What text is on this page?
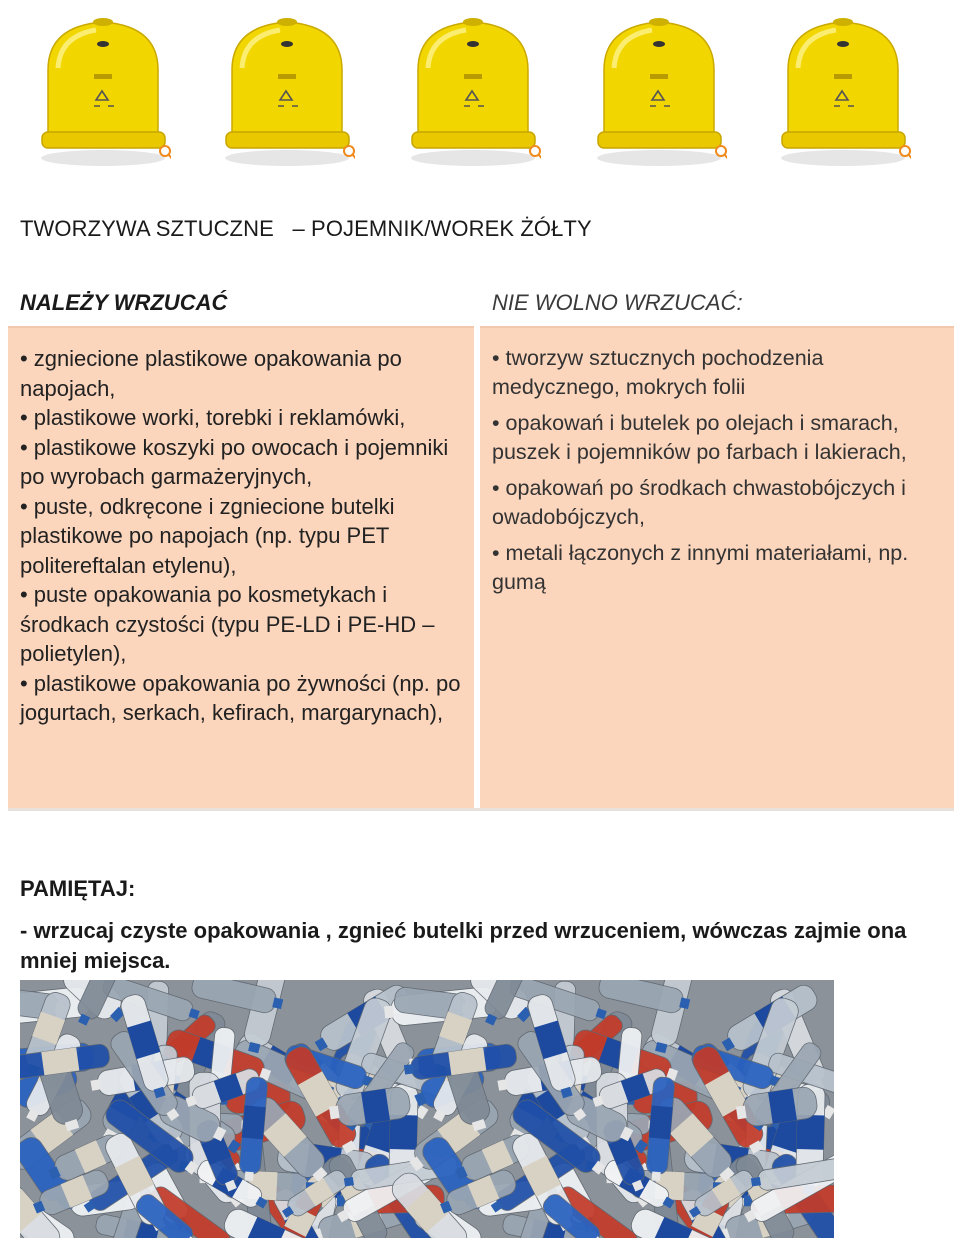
TWORZYWA SZTUCZNE   – POJEMNIK/WOREK ŻÓŁTY
NALEŻY WRZUCAĆ	NIE WOLNO WRZUCAĆ:
• zgniecione plastikowe opakowania po napojach,
• plastikowe worki, torebki i reklamówki,
• plastikowe koszyki po owocach i pojemniki po wyrobach garmażeryjnych,
• puste, odkręcone i zgniecione butelki plastikowe po napojach (np. typu PET politereftalan etylenu),
• puste opakowania po kosmetykach i środkach czystości (typu PE-LD i PE-HD – polietylen),
• plastikowe opakowania po żywności (np. po jogurtach, serkach, kefirach, margarynach),
• tworzyw sztucznych pochodzenia medycznego, mokrych folii
• opakowań i butelek po olejach i smarach, puszek i pojemników po farbach i lakierach,
• opakowań po środkach chwastobójczych i owadobójczych,
• metali łączonych z innymi materiałami, np. gumą
PAMIĘTAJ:
- wrzucaj czyste opakowania , zgnieć butelki przed wrzuceniem, wówczas zajmie ona mniej miejsca.
